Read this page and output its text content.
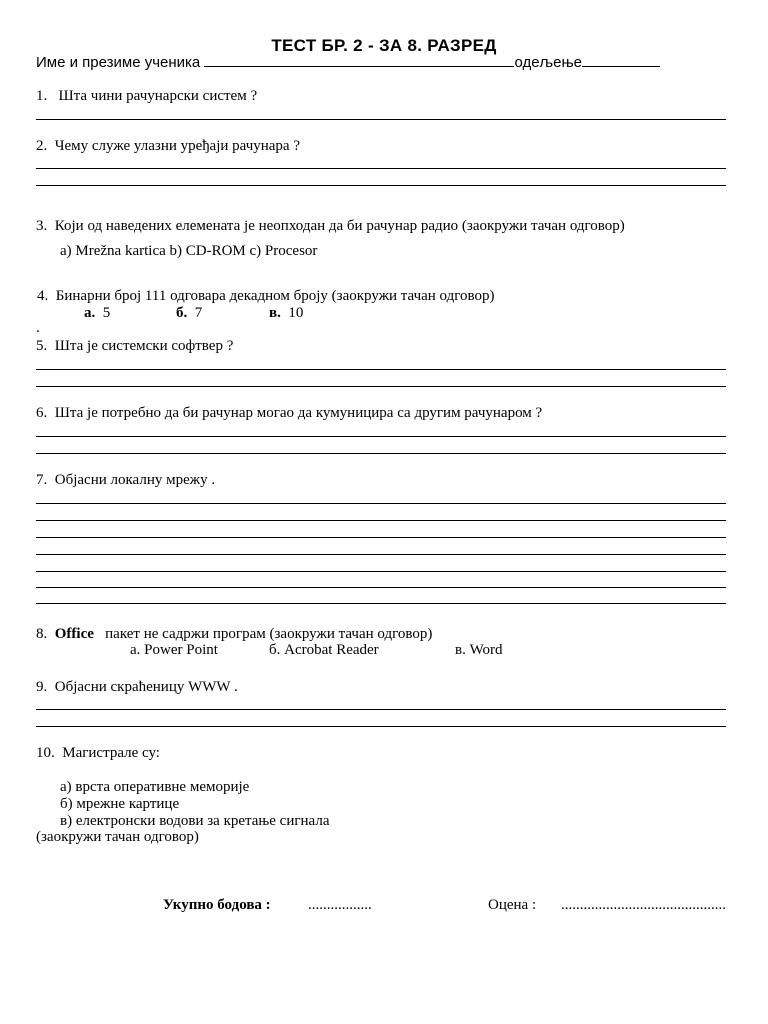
ТЕСТ БР. 2 - ЗА 8. РАЗРЕД
Име и презиме ученика	одељење
1. Шта чини рачунарски систем ?
2. Чему служе улазни уређаји рачунара ?
3. Који од наведених елемената је неопходан да би рачунар радио (заокружи тачан одговор)
a) Mrežna kartica b) CD-ROM c) Procesor
4. Бинарни број 111 одговара декадном броју (заокружи тачан одговор)
а. 5	б. 7	в. 10
.
5. Шта је системски софтвер ?
6. Шта је потребно да би рачунар могао да кумуницира са другим рачунаром ?
7. Објасни локалну мрежу .
8. Office пакет не садржи програм (заокружи тачан одговор)
a. Power Point	б. Acrobat Reader	в. Word
9. Објасни скраћеницу WWW .
10. Магистрале су:
а) врста оперативне меморије
б) мрежне картице
в) електронски водови за кретање сигнала
(заокружи тачан одговор)
Укупно бодова : .................	Оцена : ............................................
